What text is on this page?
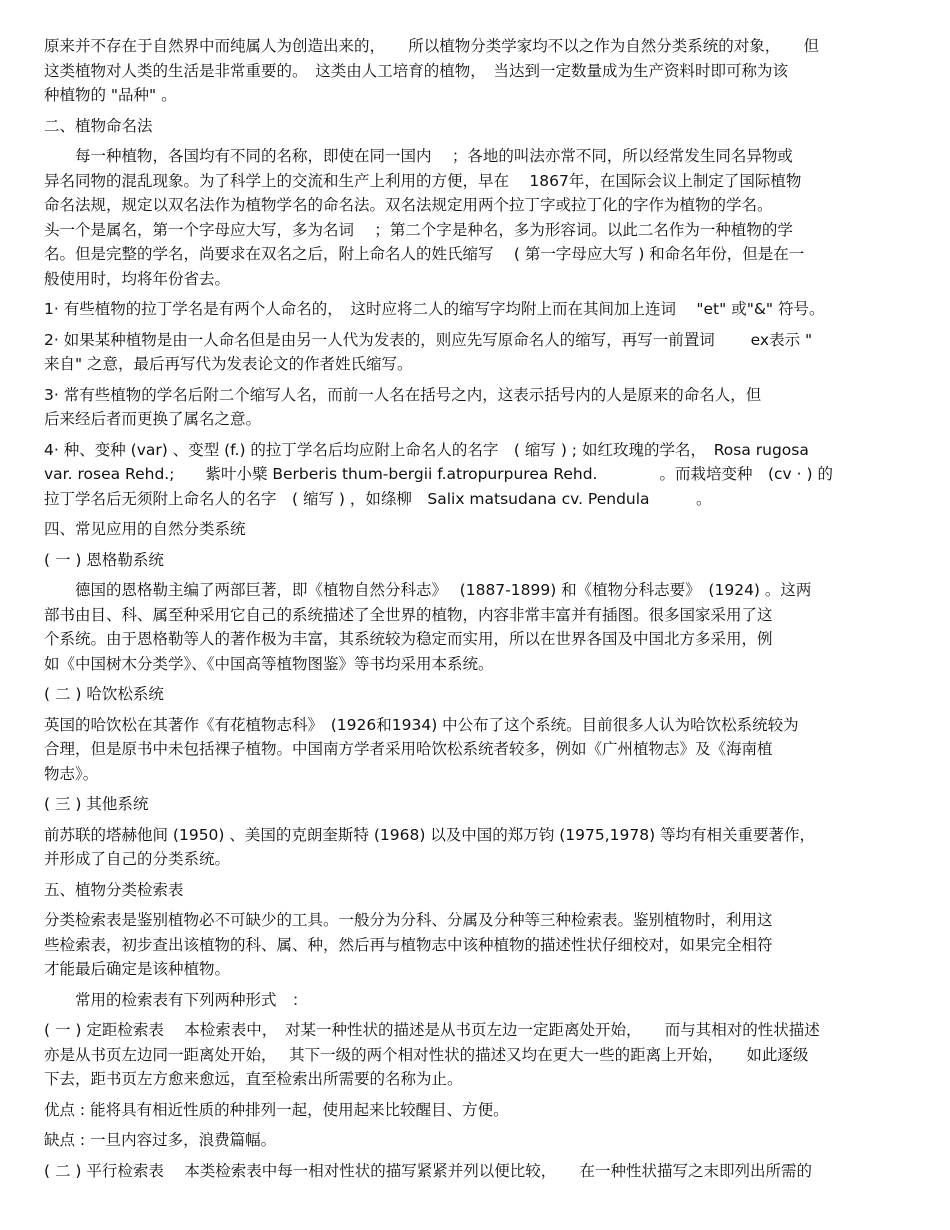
原来并不存在于自然界中而纯属人为创造出来的，　　所以植物分类学家均不以之作为自然分类系统的对象，　　但
这类植物对人类的生活是非常重要的。　这类由人工培育的植物，　当达到一定数量成为生产资料时即可称为该
种植物的 "品种" 。
二、植物命名法
　　每一种植物，各国均有不同的名称，即使在同一国内　 ；各地的叫法亦常不同，所以经常发生同名异物或
异名同物的混乱现象。为了科学上的交流和生产上利用的方便，早在　 1867年，在国际会议上制定了国际植物
命名法规，规定以双名法作为植物学名的命名法。双名法规定用两个拉丁字或拉丁化的字作为植物的学名。
头一个是属名，第一个字母应大写，多为名词　 ；第二个字是种名，多为形容词。以此二名作为一种植物的学
名。但是完整的学名，尚要求在双名之后，附上命名人的姓氏缩写　 ( 第一字母应大写 ) 和命名年份，但是在一
般使用时，均将年份省去。
1· 有些植物的拉丁学名是有两个人命名的，　这时应将二人的缩写字均附上而在其间加上连词　 "et" 或"&" 符号。
2· 如果某种植物是由一人命名但是由另一人代为发表的，则应先写原命名人的缩写，再写一前置词　　 ex表示 "
来自" 之意，最后再写代为发表论文的作者姓氏缩写。
3· 常有些植物的学名后附二个缩写人名，而前一人名在括号之内，这表示括号内的人是原来的命名人，但
后来经后者而更换了属名之意。
4· 种、变种 (var) 、变型 (f.) 的拉丁学名后均应附上命名人的名字　( 缩写 ) ; 如红玫瑰的学名，　Rosa rugosa
var. rosea Rehd.;　　紫叶小檗 Berberis thum-bergii f.atropurpurea Rehd.　　　　。而栽培变种　(cv · ) 的
拉丁学名后无须附上命名人的名字　( 缩写 ) ，如绦柳　Salix matsudana cv. Pendula　　　。
四、常见应用的自然分类系统
( 一 ) 恩格勒系统
　　德国的恩格勒主编了两部巨著，即《植物自然分科志》　 (1887-1899) 和《植物分科志要》　(1924) 。这两
部书由目、科、属至种采用它自己的系统描述了全世界的植物，内容非常丰富并有插图。很多国家采用了这
个系统。由于恩格勒等人的著作极为丰富，其系统较为稳定而实用，所以在世界各国及中国北方多采用，例
如《中国树木分类学》、《中国高等植物图鉴》等书均采用本系统。
( 二 ) 哈饮松系统
英国的哈饮松在其著作《有花植物志科》　(1926和1934) 中公布了这个系统。目前很多人认为哈饮松系统较为
合理，但是原书中未包括裸子植物。中国南方学者采用哈饮松系统者较多，例如《广州植物志》及《海南植
物志》。
( 三 ) 其他系统
前苏联的塔赫他间 (1950) 、美国的克朗奎斯特 (1968) 以及中国的郑万钧 (1975,1978) 等均有相关重要著作，
并形成了自己的分类系统。
五、植物分类检索表
分类检索表是鉴别植物必不可缺少的工具。一般分为分科、分属及分种等三种检索表。鉴别植物时，利用这
些检索表，初步查出该植物的科、属、种，然后再与植物志中该种植物的描述性状仔细校对，如果完全相符
才能最后确定是该种植物。
　　常用的检索表有下列两种形式　：
( 一 ) 定距检索表　 本检索表中，　对某一种性状的描述是从书页左边一定距离处开始，　　而与其相对的性状描述
亦是从书页左边同一距离处开始，　 其下一级的两个相对性状的描述又均在更大一些的距离上开始，　　如此逐级
下去，距书页左方愈来愈远，直至检索出所需要的名称为止。
优点 : 能将具有相近性质的种排列一起，使用起来比较醒目、方便。
缺点 : 一旦内容过多，浪费篇幅。
( 二 ) 平行检索表　 本类检索表中每一相对性状的描写紧紧并列以便比较，　　在一种性状描写之末即列出所需的
